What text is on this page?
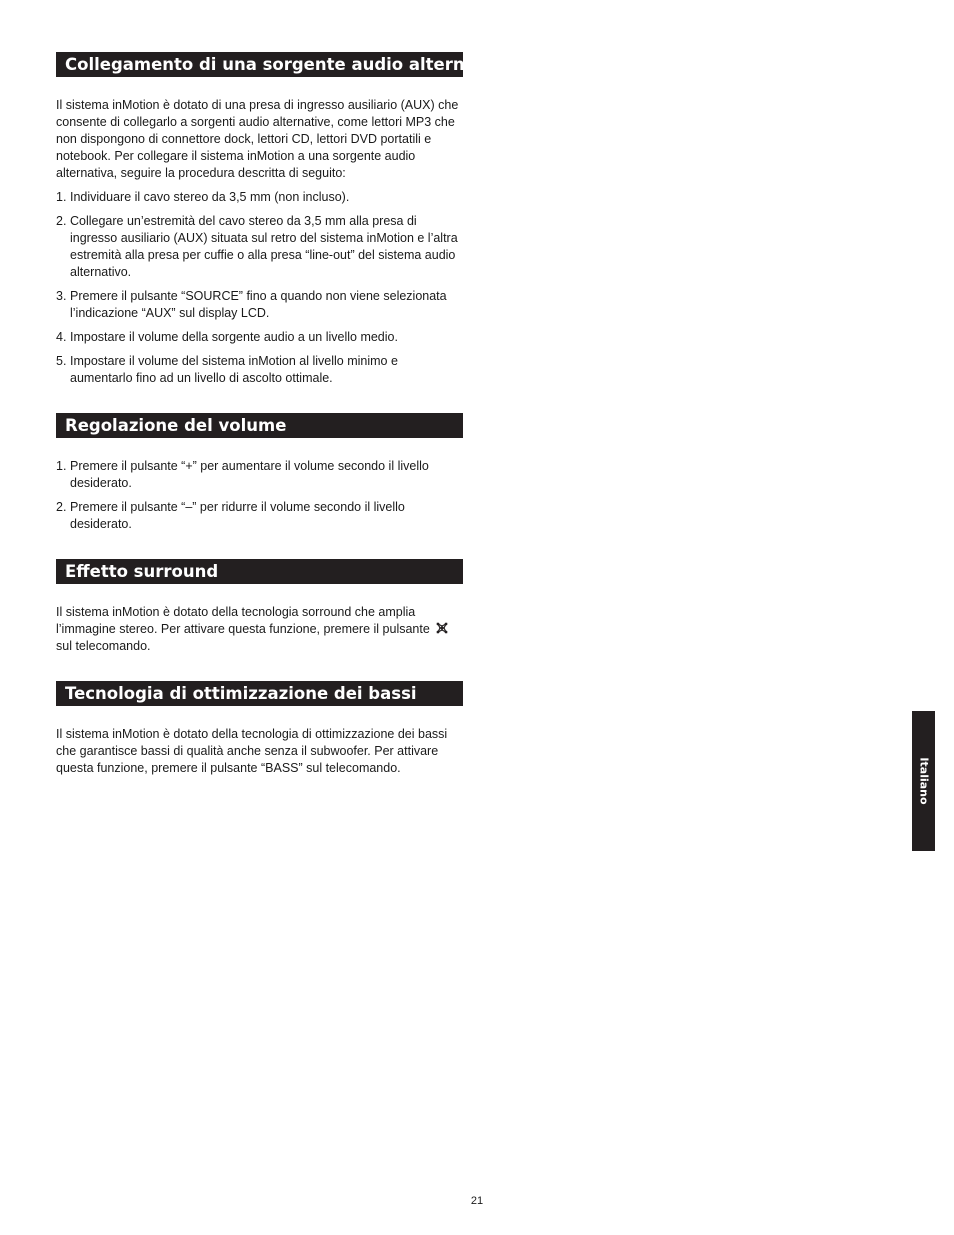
Collegamento di una sorgente audio alternativa

Il sistema inMotion è dotato di una presa di ingresso ausiliario (AUX) che consente di collegarlo a sorgenti audio alternative, come lettori MP3 che non dispongono di connettore dock, lettori CD, lettori DVD portatili e notebook. Per collegare il sistema inMotion a una sorgente audio alternativa, seguire la procedura descritta di seguito:

1. Individuare il cavo stereo da 3,5 mm (non incluso).
2. Collegare un’estremità del cavo stereo da 3,5 mm alla presa di ingresso ausiliario (AUX) situata sul retro del sistema inMotion e l’altra estremità alla presa per cuffie o alla presa “line-out” del sistema audio alternativo.
3. Premere il pulsante “SOURCE” fino a quando non viene selezionata l’indicazione “AUX” sul display LCD.
4. Impostare il volume della sorgente audio a un livello medio.
5. Impostare il volume del sistema inMotion al livello minimo e aumentarlo fino ad un livello di ascolto ottimale.
Regolazione del volume
1. Premere il pulsante “+” per aumentare il volume secondo il livello desiderato.
2. Premere il pulsante “–” per ridurre il volume secondo il livello desiderato.
Effetto surround

Il sistema inMotion è dotato della tecnologia sorround che amplia l’immagine stereo. Per attivare questa funzione, premere il pulsante
sul telecomando.

Tecnologia di ottimizzazione dei bassi

Il sistema inMotion è dotato della tecnologia di ottimizzazione dei bassi che garantisce bassi di qualità anche senza il subwoofer. Per attivare questa funzione, premere il pulsante “BASS” sul telecomando.	Italiano
21
